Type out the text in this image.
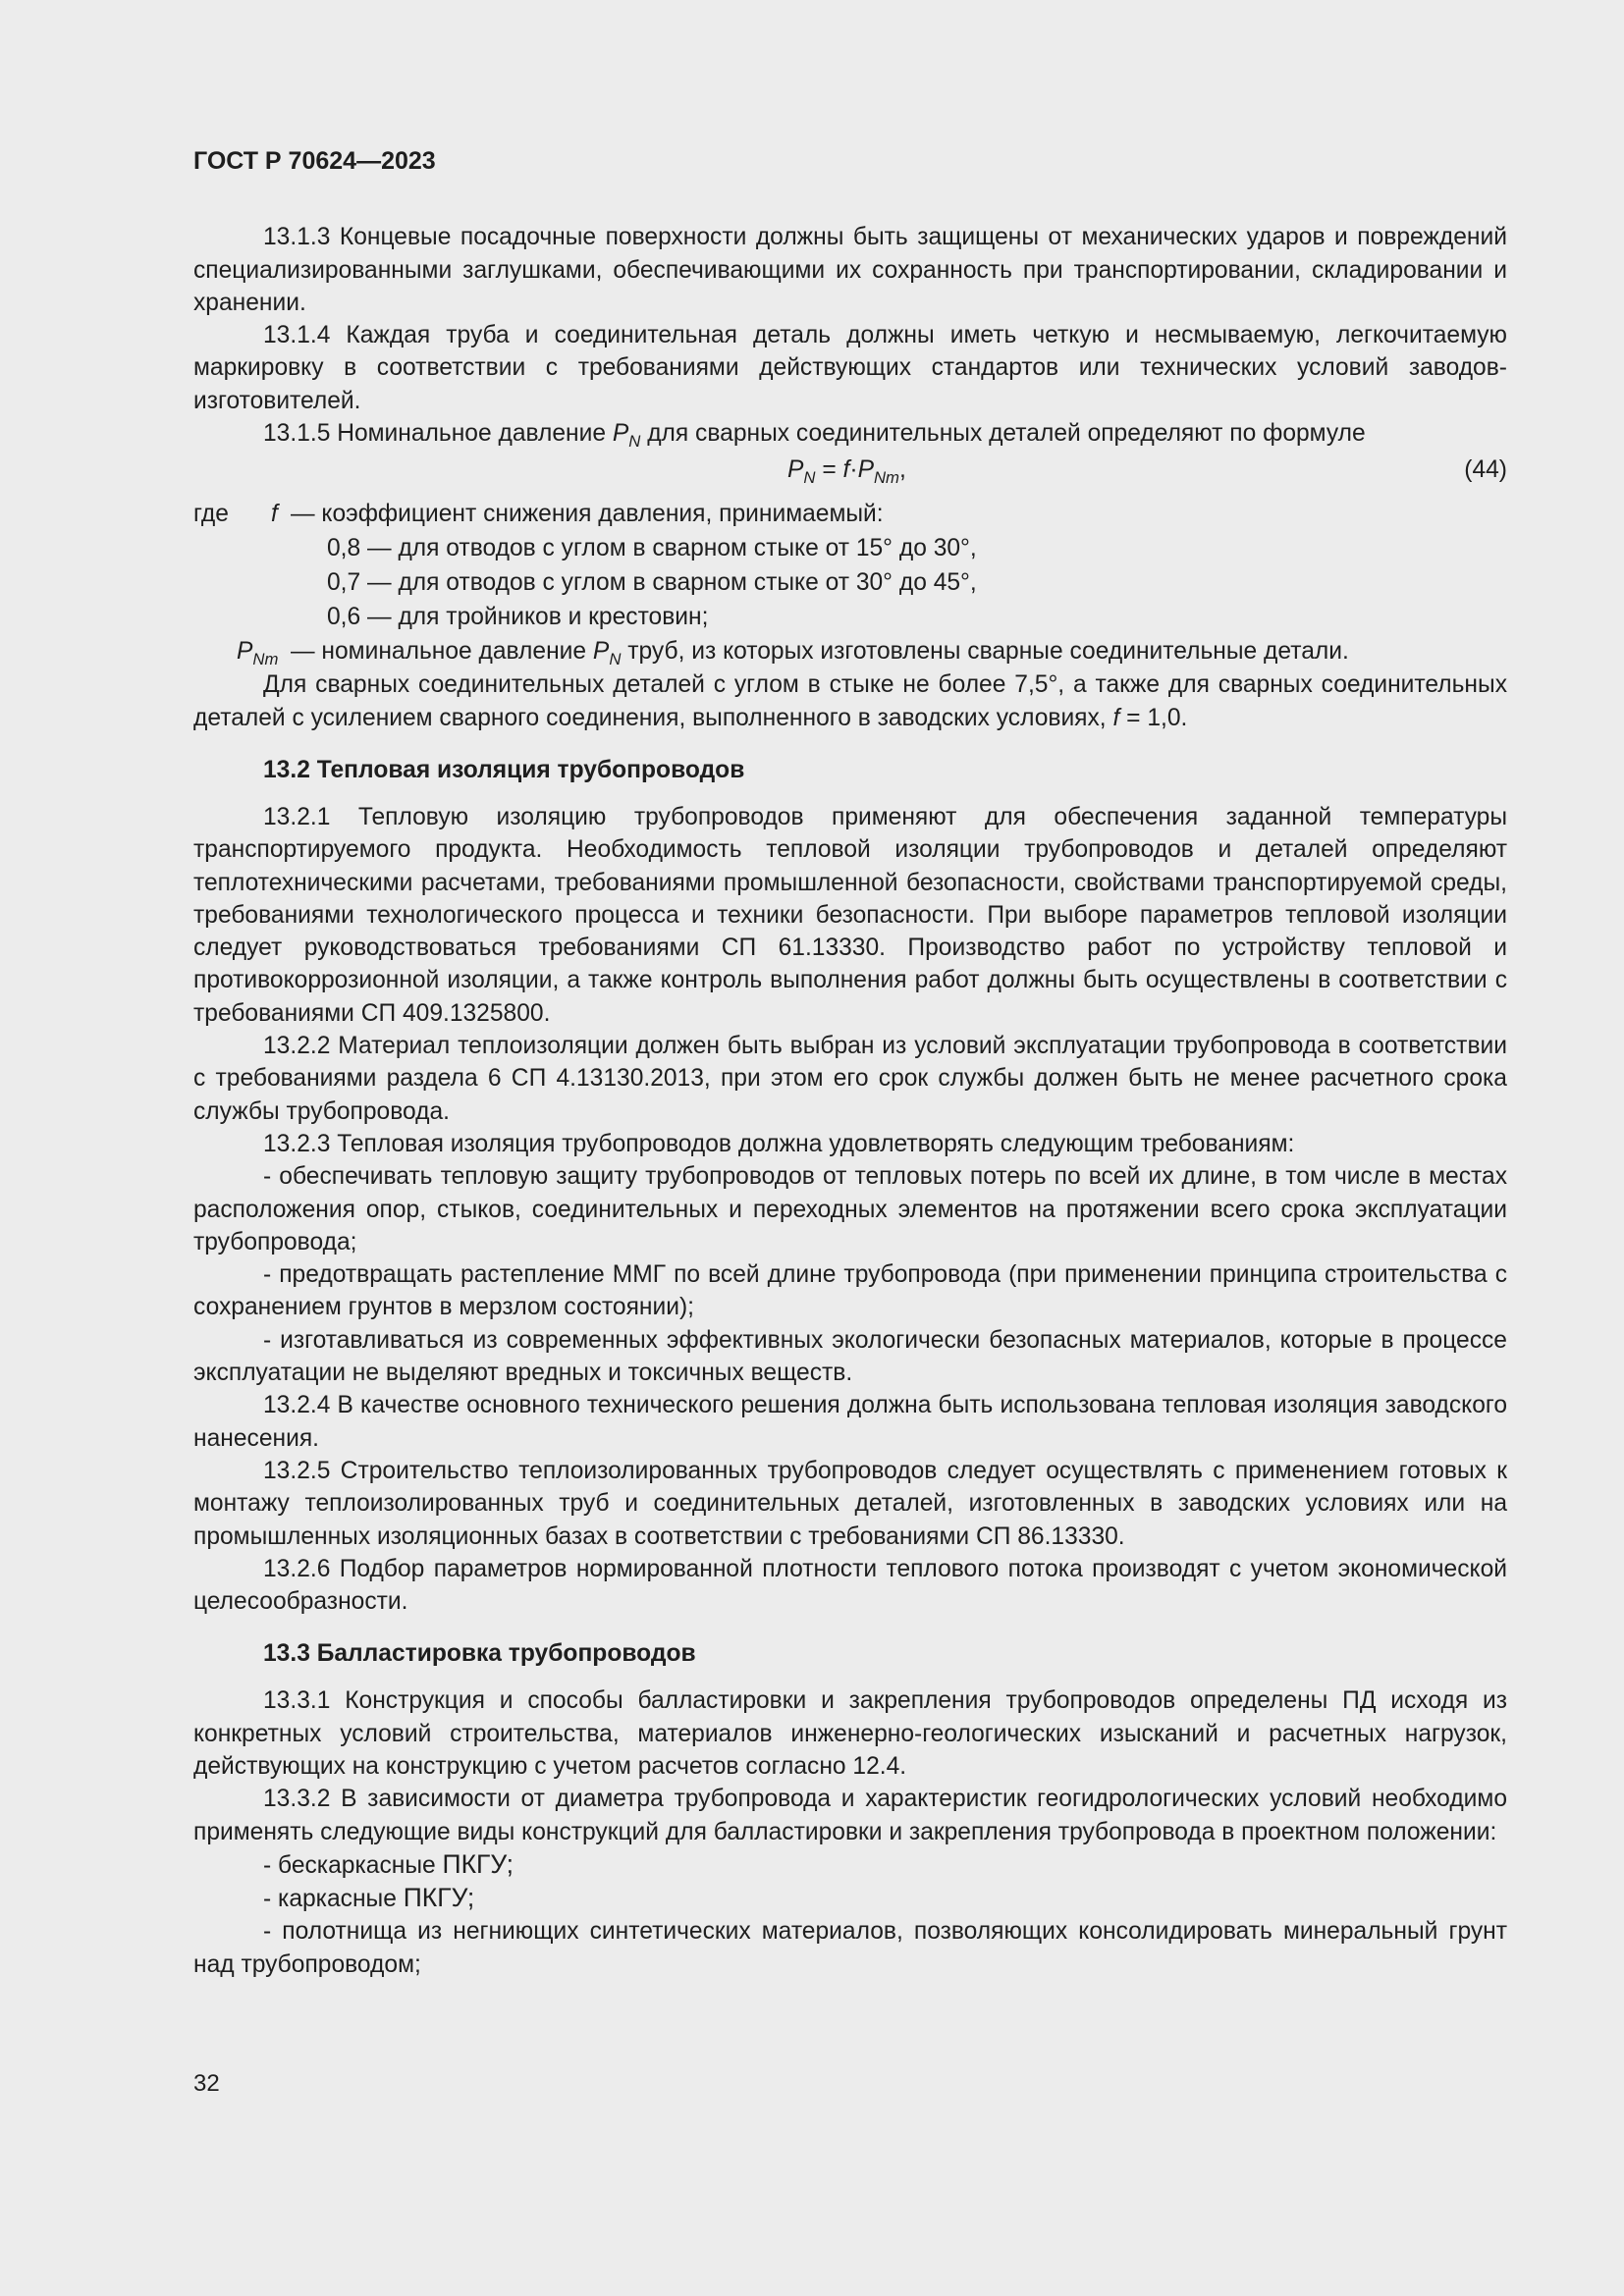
ГОСТ Р 70624—2023

13.1.3 Концевые посадочные поверхности должны быть защищены от механических ударов и повреждений специализированными заглушками, обеспечивающими их сохранность при транспортировании, складировании и хранении.

13.1.4 Каждая труба и соединительная деталь должны иметь четкую и несмываемую, легкочитаемую маркировку в соответствии с требованиями действующих стандартов или технических условий заводов-изготовителей.

13.1.5 Номинальное давление $P_N$ для сварных соединительных деталей определяют по формуле

$P_N = f\cdot P_{Nт}$,	(44)
где f — коэффициент снижения давления, принимаемый:
0,8 — для отводов с углом в сварном стыке от 15° до 30°,
0,7 — для отводов с углом в сварном стыке от 30° до 45°,
0,6 — для тройников и крестовин;
$P_{Nт}$ — номинальное давление $P_N$ труб, из которых изготовлены сварные соединительные детали.

Для сварных соединительных деталей с углом в стыке не более 7,5°, а также для сварных соединительных деталей с усилением сварного соединения, выполненного в заводских условиях, f = 1,0.

13.2 Тепловая изоляция трубопроводов

13.2.1 Тепловую изоляцию трубопроводов применяют для обеспечения заданной температуры транспортируемого продукта. Необходимость тепловой изоляции трубопроводов и деталей определяют теплотехническими расчетами, требованиями промышленной безопасности, свойствами транспортируемой среды, требованиями технологического процесса и техники безопасности. При выборе параметров тепловой изоляции следует руководствоваться требованиями СП 61.13330. Производство работ по устройству тепловой и противокоррозионной изоляции, а также контроль выполнения работ должны быть осуществлены в соответствии с требованиями СП 409.1325800.

13.2.2 Материал теплоизоляции должен быть выбран из условий эксплуатации трубопровода в соответствии с требованиями раздела 6 СП 4.13130.2013, при этом его срок службы должен быть не менее расчетного срока службы трубопровода.

13.2.3 Тепловая изоляция трубопроводов должна удовлетворять следующим требованиям:

- обеспечивать тепловую защиту трубопроводов от тепловых потерь по всей их длине, в том числе в местах расположения опор, стыков, соединительных и переходных элементов на протяжении всего срока эксплуатации трубопровода;

- предотвращать растепление ММГ по всей длине трубопровода (при применении принципа строительства с сохранением грунтов в мерзлом состоянии);

- изготавливаться из современных эффективных экологически безопасных материалов, которые в процессе эксплуатации не выделяют вредных и токсичных веществ.

13.2.4 В качестве основного технического решения должна быть использована тепловая изоляция заводского нанесения.

13.2.5 Строительство теплоизолированных трубопроводов следует осуществлять с применением готовых к монтажу теплоизолированных труб и соединительных деталей, изготовленных в заводских условиях или на промышленных изоляционных базах в соответствии с требованиями СП 86.13330.

13.2.6 Подбор параметров нормированной плотности теплового потока производят с учетом экономической целесообразности.

13.3 Балластировка трубопроводов

13.3.1 Конструкция и способы балластировки и закрепления трубопроводов определены ПД исходя из конкретных условий строительства, материалов инженерно-геологических изысканий и расчетных нагрузок, действующих на конструкцию с учетом расчетов согласно 12.4.

13.3.2 В зависимости от диаметра трубопровода и характеристик геогидрологических условий необходимо применять следующие виды конструкций для балластировки и закрепления трубопровода в проектном положении:

- бескаркасные ПКГУ;
- каркасные ПКГУ;

- полотнища из негниющих синтетических материалов, позволяющих консолидировать минеральный грунт над трубопроводом;

32
